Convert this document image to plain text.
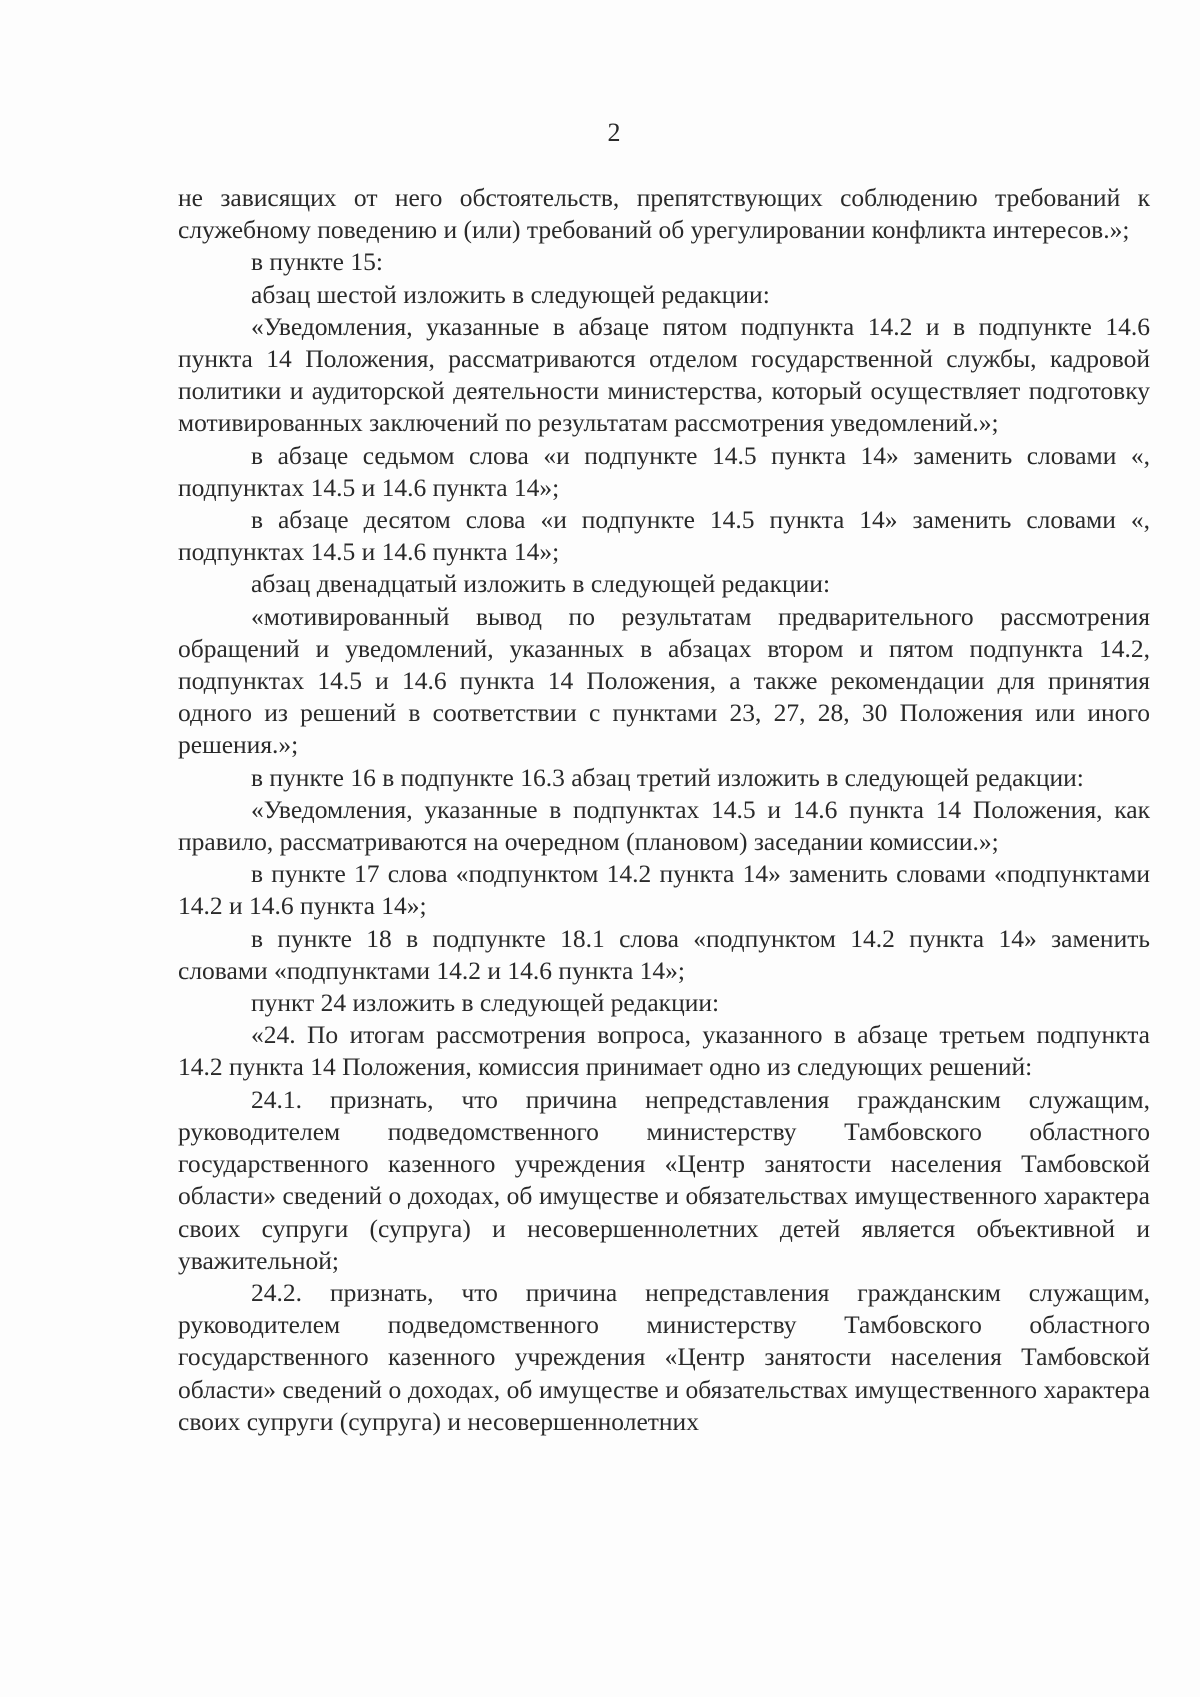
2

не зависящих от него обстоятельств, препятствующих соблюдению требований к служебному поведению и (или) требований об урегулировании конфликта интересов.»;

в пункте 15:

абзац шестой изложить в следующей редакции:

«Уведомления, указанные в абзаце пятом подпункта 14.2 и в подпункте 14.6 пункта 14 Положения, рассматриваются отделом государственной службы, кадровой политики и аудиторской деятельности министерства, который осуществляет подготовку мотивированных заключений по результатам рассмотрения уведомлений.»;

в абзаце седьмом слова «и подпункте 14.5 пункта 14» заменить словами «, подпунктах 14.5 и 14.6 пункта 14»;

в абзаце десятом слова «и подпункте 14.5 пункта 14» заменить словами «, подпунктах 14.5 и 14.6 пункта 14»;

абзац двенадцатый изложить в следующей редакции:

«мотивированный вывод по результатам предварительного рассмотрения обращений и уведомлений, указанных в абзацах втором и пятом подпункта 14.2, подпунктах 14.5 и 14.6 пункта 14 Положения, а также рекомендации для принятия одного из решений в соответствии с пунктами 23, 27, 28, 30 Положения или иного решения.»;

в пункте 16 в подпункте 16.3 абзац третий изложить в следующей редакции:

«Уведомления, указанные в подпунктах 14.5 и 14.6 пункта 14 Положения, как правило, рассматриваются на очередном (плановом) заседании комиссии.»;

в пункте 17 слова «подпунктом 14.2 пункта 14» заменить словами «подпунктами 14.2 и 14.6 пункта 14»;

в пункте 18 в подпункте 18.1 слова «подпунктом 14.2 пункта 14» заменить словами «подпунктами 14.2 и 14.6 пункта 14»;

пункт 24 изложить в следующей редакции:

«24. По итогам рассмотрения вопроса, указанного в абзаце третьем подпункта 14.2 пункта 14 Положения, комиссия принимает одно из следующих решений:

24.1. признать, что причина непредставления гражданским служащим, руководителем подведомственного министерству Тамбовского областного государственного казенного учреждения «Центр занятости населения Тамбовской области» сведений о доходах, об имуществе и обязательствах имущественного характера своих супруги (супруга) и несовершеннолетних детей является объективной и уважительной;

24.2. признать, что причина непредставления гражданским служащим, руководителем подведомственного министерству Тамбовского областного государственного казенного учреждения «Центр занятости населения Тамбовской области» сведений о доходах, об имуществе и обязательствах имущественного характера своих супруги (супруга) и несовершеннолетних
